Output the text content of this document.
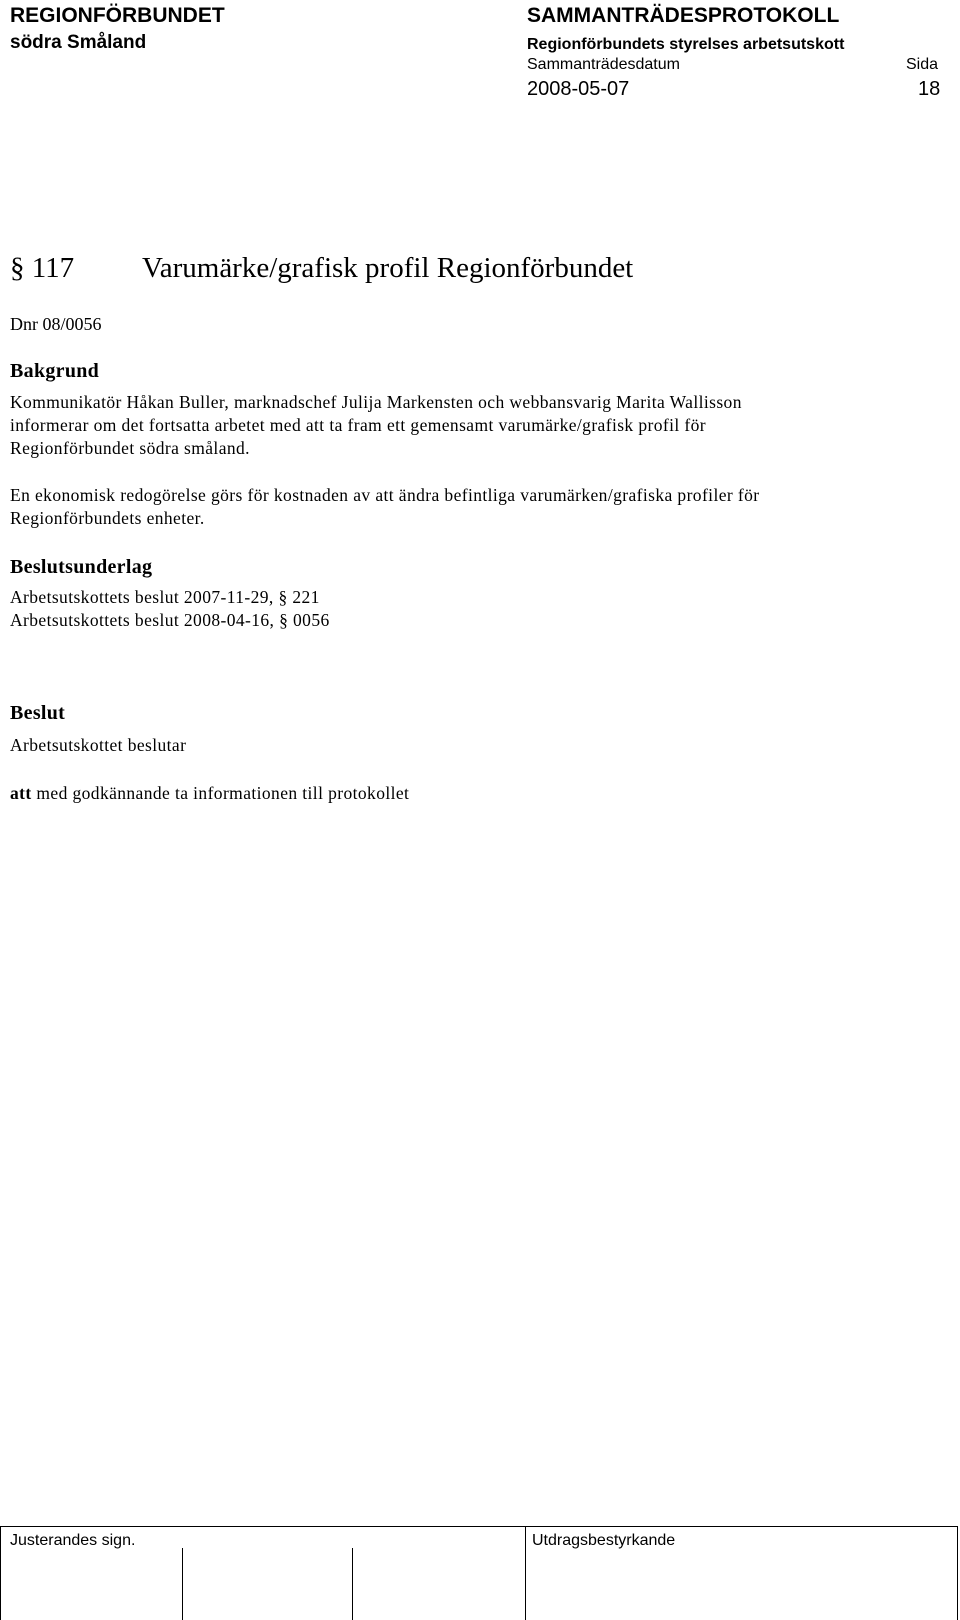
REGIONFÖRBUNDET
södra Småland
SAMMANTRÄDESPROTOKOLL
Regionförbundets styrelses arbetsutskott
Sammanträdesdatum	Sida
2008-05-07	18
§ 117 Varumärke/grafisk profil Regionförbundet
Dnr 08/0056
Bakgrund
Kommunikatör Håkan Buller, marknadschef Julija Markensten och webbansvarig Marita Wallisson
informerar om det fortsatta arbetet med att ta fram ett gemensamt varumärke/grafisk profil för
Regionförbundet södra småland.
En ekonomisk redogörelse görs för kostnaden av att ändra befintliga varumärken/grafiska profiler för
Regionförbundets enheter.
Beslutsunderlag
Arbetsutskottets beslut 2007-11-29, § 221
Arbetsutskottets beslut 2008-04-16, § 0056
Beslut
Arbetsutskottet beslutar
att med godkännande ta informationen till protokollet
Justerandes sign.	Utdragsbestyrkande
